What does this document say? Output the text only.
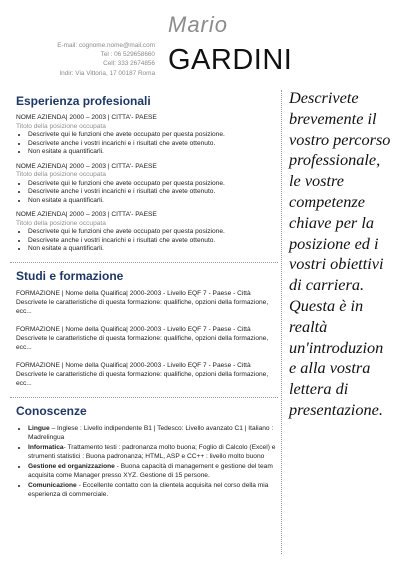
E-mail: cognome.nome@mail.com
Tel : 06 529658660
Cell: 333 2674856
Indir: Via Vittoria, 17 00187 Roma
Mario
GARDINI
Esperienza profesionali
NOME AZIENDA| 2000 – 2003 | CITTA'- PAESE
Titolo della posizione occupata
• Descrivete qui le funzioni che avete occupato per questa posizione.
• Descrivete anche i vostri incarichi e i risultati che avete ottenuto.
• Non esitate a quantificarli.
NOME AZIENDA| 2000 – 2003 | CITTA'- PAESE
Titolo della posizione occupata
• Descrivete qui le funzioni che avete occupato per questa posizione.
• Descrivete anche i vostri incarichi e i risultati che avete ottenuto.
• Non esitate a quantificarli.
NOME AZIENDA| 2000 – 2003 | CITTA'- PAESE
Titolo della posizione occupata
• Descrivete qui le funzioni che avete occupato per questa posizione.
• Descrivete anche i vostri incarichi e i risultati che avete ottenuto.
• Non esitate a quantificarli.
Studi e formazione
FORMAZIONE | Nome della Qualifica| 2000-2003 - Livello EQF 7 - Paese - Città
Descrivete le caratteristiche di questa formazione: qualifiche, opzioni della formazione, ecc...
FORMAZIONE | Nome della Qualifica| 2000-2003 - Livello EQF 7 - Paese - Città
Descrivete le caratteristiche di questa formazione: qualifiche, opzioni della formazione, ecc...
FORMAZIONE | Nome della Qualifica| 2000-2003 - Livello EQF 7 - Paese - Città
Descrivete le caratteristiche di questa formazione: qualifiche, opzioni della formazione, ecc...
Conoscenze
• Lingue – Inglese : Livello indipendente B1 | Tedesco: Livello avanzato C1 | Italiano : Madrelingua
• Informatica- Trattamento testi : padronanza molto buona; Foglio di Calcolo (Excel) e strumenti statistici : Buona padronanza; HTML, ASP e CC++ : livello molto buono
• Gestione ed organizzazione - Buona capacità di management e gestione del team acquisita come Manager presso XYZ. Gestione di 15 persone.
• Comunicazione - Eccellente contatto con la clientela acquisita nel corso della mia esperienza di commerciale.
Descrivete brevemente il vostro percorso professionale, le vostre competenze chiave per la posizione ed i vostri obiettivi di carriera. Questa è in realtà un'introduzion e alla vostra lettera di presentazione.
